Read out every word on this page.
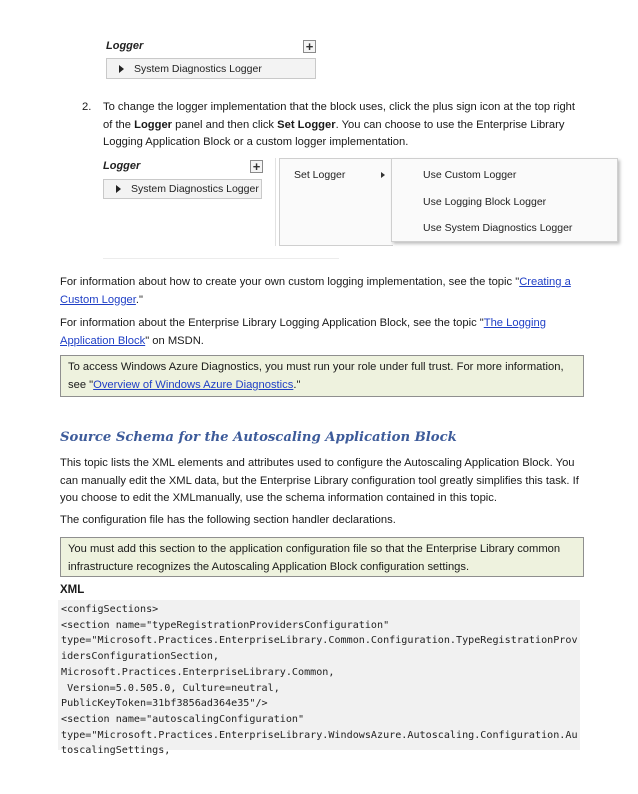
Logger	+
System Diagnostics Logger
2. To change the logger implementation that the block uses, click the plus sign icon at the top right of the Logger panel and then click Set Logger. You can choose to use the Enterprise Library Logging Application Block or a custom logger implementation.
Logger	+
System Diagnostics Logger
Set Logger	Use Custom Logger
Use Logging Block Logger
Use System Diagnostics Logger
For information about how to create your own custom logging implementation, see the topic "Creating a Custom Logger."
For information about the Enterprise Library Logging Application Block, see the topic "The Logging Application Block" on MSDN.
To access Windows Azure Diagnostics, you must run your role under full trust. For more information, see "Overview of Windows Azure Diagnostics."
Source Schema for the Autoscaling Application Block
This topic lists the XML elements and attributes used to configure the Autoscaling Application Block. You can manually edit the XML data, but the Enterprise Library configuration tool greatly simplifies this task. If you choose to edit the XMLmanually, use the schema information contained in this topic.
The configuration file has the following section handler declarations.
You must add this section to the application configuration file so that the Enterprise Library common infrastructure recognizes the Autoscaling Application Block configuration settings.
XML
<configSections>
<section name="typeRegistrationProvidersConfiguration"
type="Microsoft.Practices.EnterpriseLibrary.Common.Configuration.TypeRegistrationProv
idersConfigurationSection,
Microsoft.Practices.EnterpriseLibrary.Common,
Version=5.0.505.0, Culture=neutral,
PublicKeyToken=31bf3856ad364e35"/>
<section name="autoscalingConfiguration"
type="Microsoft.Practices.EnterpriseLibrary.WindowsAzure.Autoscaling.Configuration.Au
toscalingSettings,
